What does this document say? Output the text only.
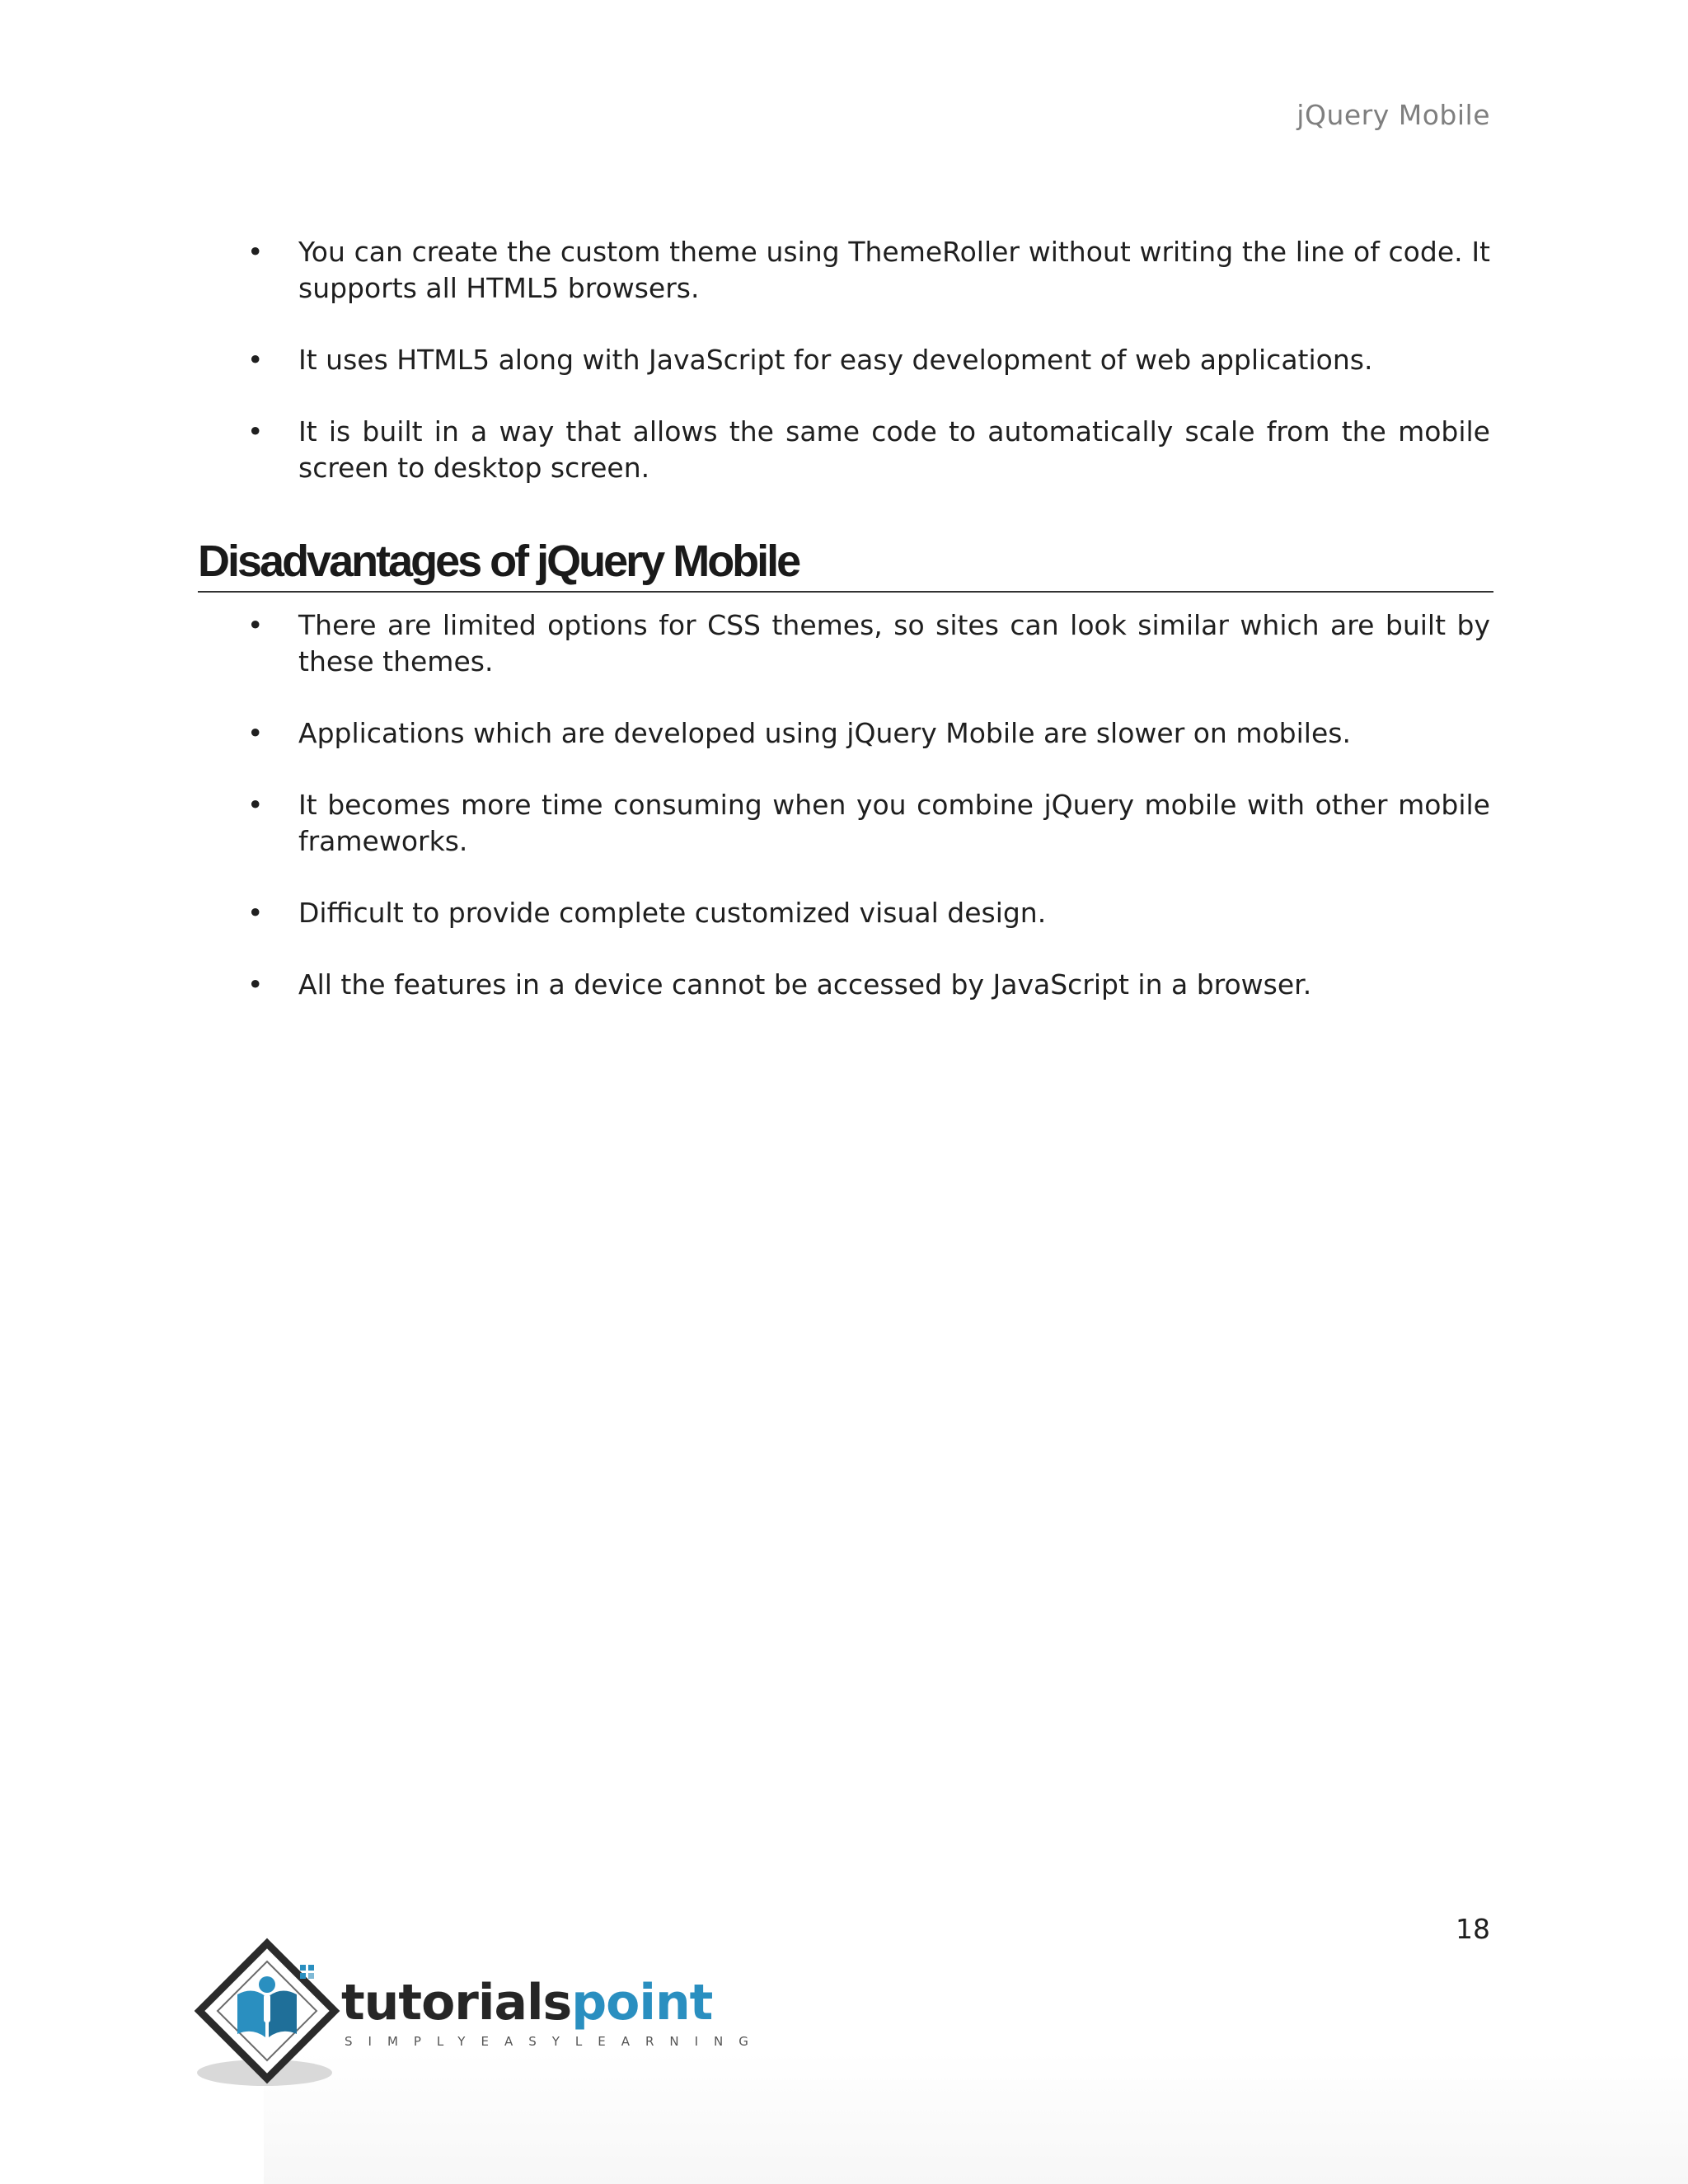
jQuery Mobile
• You can create the custom theme using ThemeRoller without writing the line of code. It supports all HTML5 browsers.
• It uses HTML5 along with JavaScript for easy development of web applications.
• It is built in a way that allows the same code to automatically scale from the mobile screen to desktop screen.
Disadvantages of jQuery Mobile
• There are limited options for CSS themes, so sites can look similar which are built by these themes.
• Applications which are developed using jQuery Mobile are slower on mobiles.
• It becomes more time consuming when you combine jQuery mobile with other mobile frameworks.
• Difficult to provide complete customized visual design.
• All the features in a device cannot be accessed by JavaScript in a browser.
18
tutorialspoint
SIMPLYEASYLEARNING
